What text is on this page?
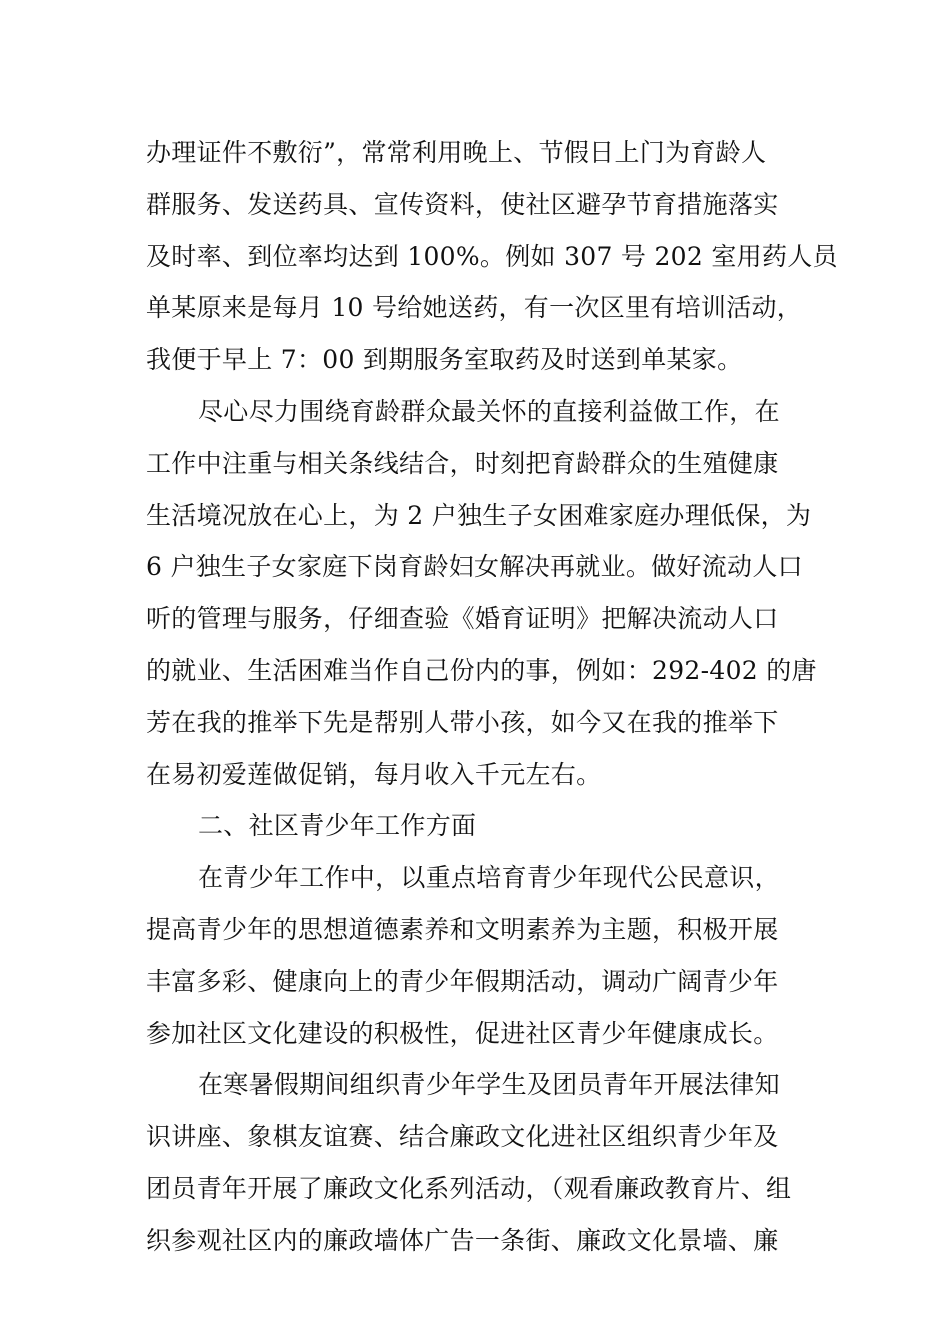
办理证件不敷衍”，常常利用晚上、节假日上门为育龄人
群服务、发送药具、宣传资料，使社区避孕节育措施落实
及时率、到位率均达到 100%。例如 307 号 202 室用药人员
单某原来是每月 10 号给她送药，有一次区里有培训活动，
我便于早上 7：00 到期服务室取药及时送到单某家。
尽心尽力围绕育龄群众最关怀的直接利益做工作，在
工作中注重与相关条线结合，时刻把育龄群众的生殖健康
生活境况放在心上，为 2 户独生子女困难家庭办理低保，为
6 户独生子女家庭下岗育龄妇女解决再就业。做好流动人口
听的管理与服务，仔细查验《婚育证明》把解决流动人口
的就业、生活困难当作自己份内的事，例如：292-402 的唐
芳在我的推举下先是帮别人带小孩，如今又在我的推举下
在易初爱莲做促销，每月收入千元左右。
二、社区青少年工作方面
在青少年工作中，以重点培育青少年现代公民意识，
提高青少年的思想道德素养和文明素养为主题，积极开展
丰富多彩、健康向上的青少年假期活动，调动广阔青少年
参加社区文化建设的积极性，促进社区青少年健康成长。
在寒暑假期间组织青少年学生及团员青年开展法律知
识讲座、象棋友谊赛、结合廉政文化进社区组织青少年及
团员青年开展了廉政文化系列活动，（观看廉政教育片、组
织参观社区内的廉政墙体广告一条街、廉政文化景墙、廉
